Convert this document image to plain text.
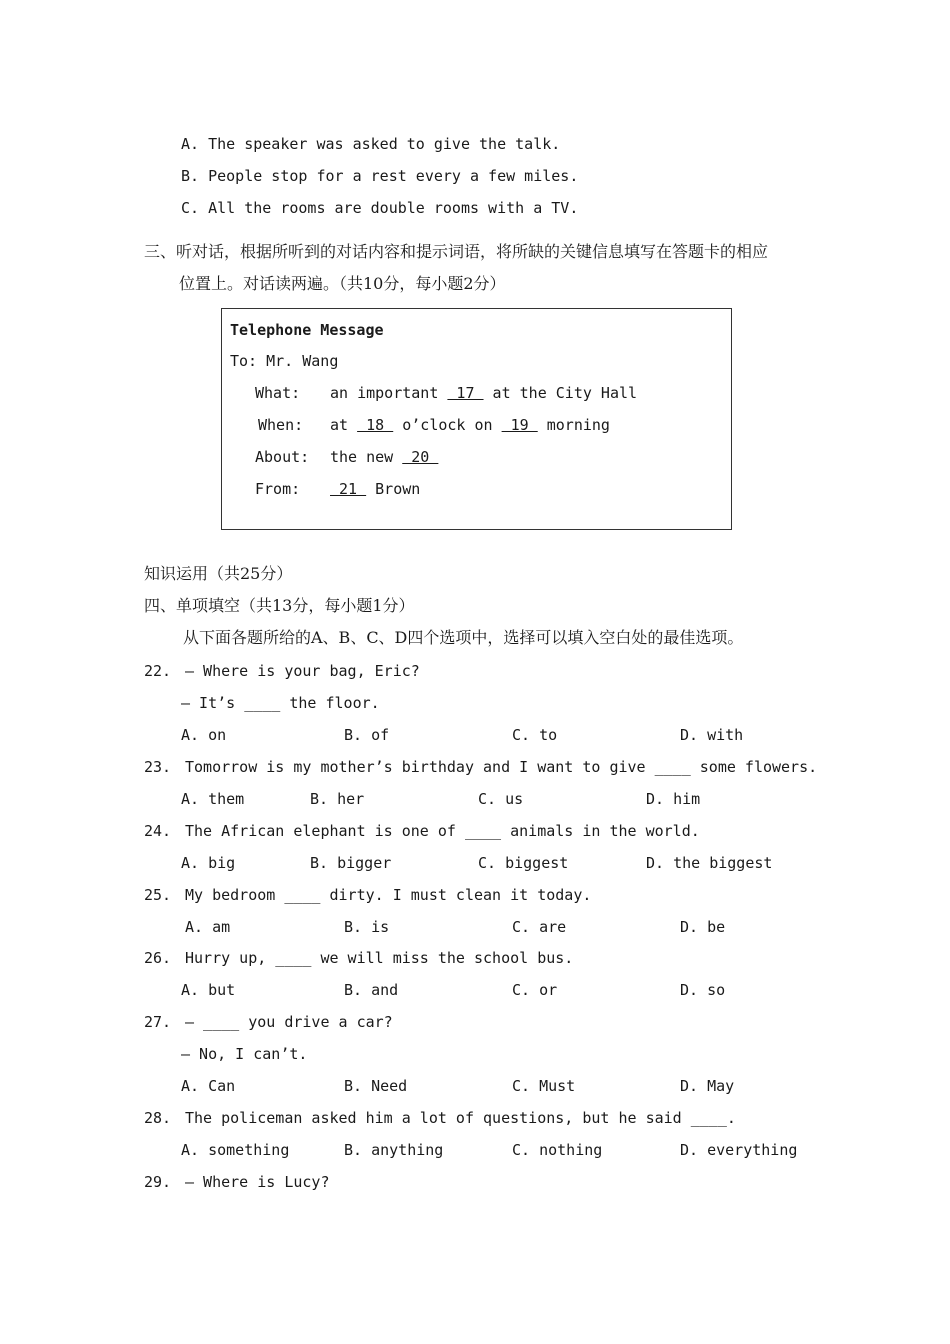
A. The speaker was asked to give the talk.
B. People stop for a rest every a few miles.
C. All the rooms are double rooms with a TV.
三、听对话，根据所听到的对话内容和提示词语，将所缺的关键信息填写在答题卡的相应
位置上。对话读两遍。（共10分，每小题2分）
Telephone Message
To: Mr. Wang
What: an important  17  at the City Hall
When: at  18  o’clock on  19  morning
About: the new  20
From: 21  Brown
知识运用（共25分）
四、单项填空（共13分，每小题1分）
从下面各题所给的A、B、C、D四个选项中，选择可以填入空白处的最佳选项。
22. — Where is your bag, Eric?
— It’s ____ the floor.
A. on	B. of	C. to	D. with
23. Tomorrow is my mother’s birthday and I want to give ____ some flowers.
A. them	B. her	C. us	D. him
24. The African elephant is one of ____ animals in the world.
A. big	B. bigger	C. biggest	D. the biggest
25. My bedroom ____ dirty. I must clean it today.
A. am	B. is	C. are	D. be
26. Hurry up, ____ we will miss the school bus.
A. but	B. and	C. or	D. so
27. — ____ you drive a car?
— No, I can’t.
A. Can	B. Need	C. Must	D. May
28. The policeman asked him a lot of questions, but he said ____.
A. something	B. anything	C. nothing	D. everything
29. — Where is Lucy?
